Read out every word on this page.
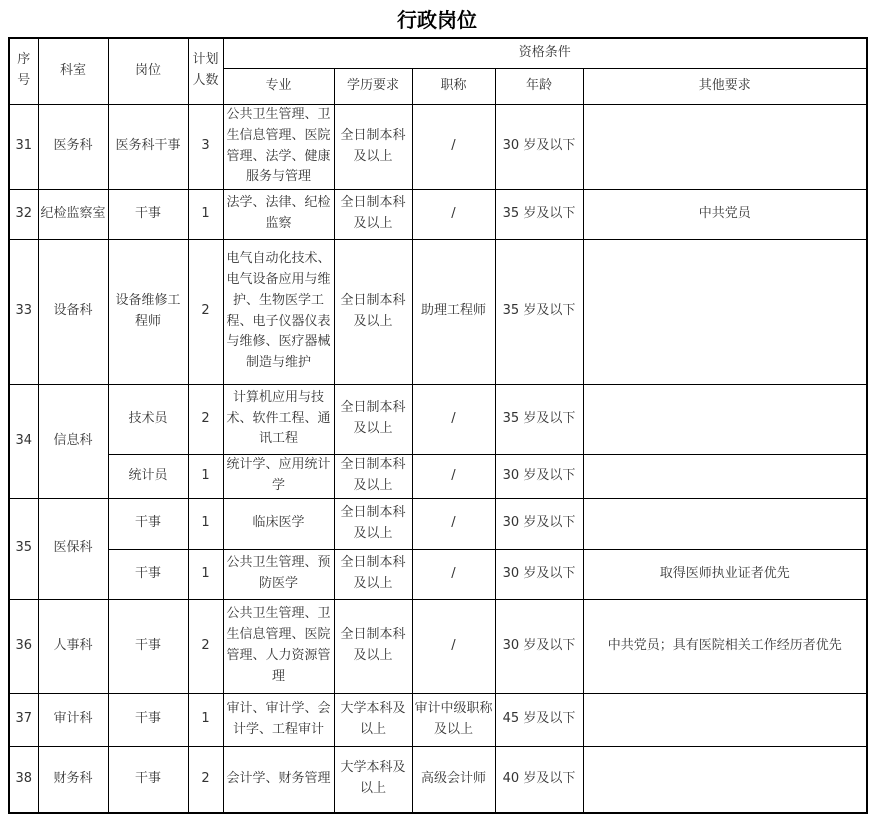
行政岗位
序号	科室	岗位	计划人数	资格条件				
				专业	学历要求	职称	年龄	其他要求
31	医务科	医务科干事	3	公共卫生管理、卫生信息管理、医院管理、法学、健康服务与管理	全日制本科及以上	/	30 岁及以下	
32	纪检监察室	干事	1	法学、法律、纪检监察	全日制本科及以上	/	35 岁及以下	中共党员
33	设备科	设备维修工程师	2	电气自动化技术、电气设备应用与维护、生物医学工程、电子仪器仪表与维修、医疗器械制造与维护	全日制本科及以上	助理工程师	35 岁及以下	
34	信息科	技术员	2	计算机应用与技术、软件工程、通讯工程	全日制本科及以上	/	35 岁及以下	
		统计员	1	统计学、应用统计学	全日制本科及以上	/	30 岁及以下	
35	医保科	干事	1	临床医学	全日制本科及以上	/	30 岁及以下	
		干事	1	公共卫生管理、预防医学	全日制本科及以上	/	30 岁及以下	取得医师执业证者优先
36	人事科	干事	2	公共卫生管理、卫生信息管理、医院管理、人力资源管理	全日制本科及以上	/	30 岁及以下	中共党员；具有医院相关工作经历者优先
37	审计科	干事	1	审计、审计学、会计学、工程审计	大学本科及以上	审计中级职称及以上	45 岁及以下	
38	财务科	干事	2	会计学、财务管理	大学本科及以上	高级会计师	40 岁及以下	
